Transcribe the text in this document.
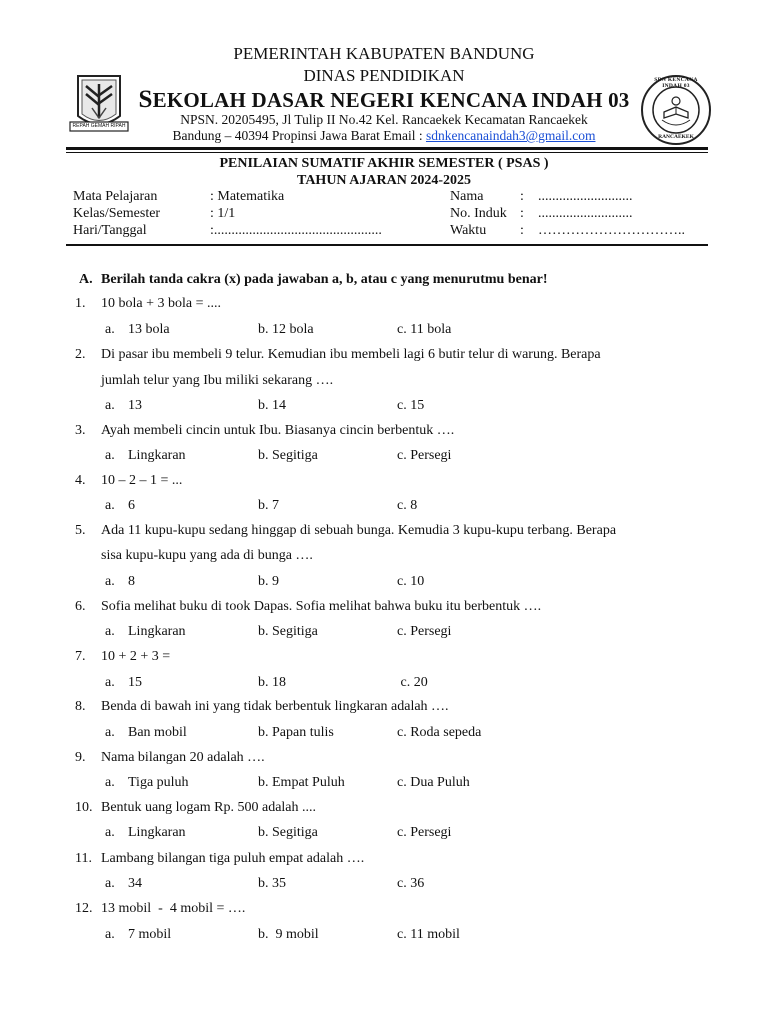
REPAH GEMAH RIPAH
SDN KENCANA INDAH 03
RANCAEKEK
PEMERINTAH KABUPATEN BANDUNG
DINAS PENDIDIKAN
SEKOLAH DASAR NEGERI KENCANA INDAH 03
NPSN. 20205495, Jl Tulip II No.42 Kel. Rancaekek Kecamatan Rancaekek
Bandung – 40394 Propinsi Jawa Barat Email : sdnkencanaindah3@gmail.com
PENILAIAN SUMATIF AKHIR SEMESTER ( PSAS )
TAHUN AJARAN 2024-2025
Mata Pelajaran	: Matematika
Kelas/Semester	: 1/1
Hari/Tanggal	:................................................
Nama	: ...........................
No. Induk : ...........................
Waktu : …………………………..
A. Berilah tanda cakra (x) pada jawaban a, b, atau c yang menurutmu benar!
1. 10 bola + 3 bola = ....
a. 13 bola	b. 12 bola	c. 11 bola
2. Di pasar ibu membeli 9 telur. Kemudian ibu membeli lagi 6 butir telur di warung. Berapa
jumlah telur yang Ibu miliki sekarang ….
a. 13	b. 14	c. 15
3. Ayah membeli cincin untuk Ibu. Biasanya cincin berbentuk ….
a. Lingkaran	b. Segitiga	c. Persegi
4. 10 – 2 – 1 = ...
a. 6	b. 7	c. 8
5. Ada 11 kupu-kupu sedang hinggap di sebuah bunga. Kemudia 3 kupu-kupu terbang. Berapa
sisa kupu-kupu yang ada di bunga ….
a. 8	b. 9	c. 10
6. Sofia melihat buku di took Dapas. Sofia melihat bahwa buku itu berbentuk ….
a. Lingkaran	b. Segitiga	c. Persegi
7. 10 + 2 + 3 =
a. 15	b. 18	c. 20
8. Benda di bawah ini yang tidak berbentuk lingkaran adalah ….
a. Ban mobil	b. Papan tulis	c. Roda sepeda
9. Nama bilangan 20 adalah ….
a. Tiga puluh	b. Empat Puluh	c. Dua Puluh
10. Bentuk uang logam Rp. 500 adalah ....
a. Lingkaran	b. Segitiga	c. Persegi
11. Lambang bilangan tiga puluh empat adalah ….
a. 34	b. 35	c. 36
12. 13 mobil  -  4 mobil = ….
a. 7 mobil	b.  9 mobil	c. 11 mobil
